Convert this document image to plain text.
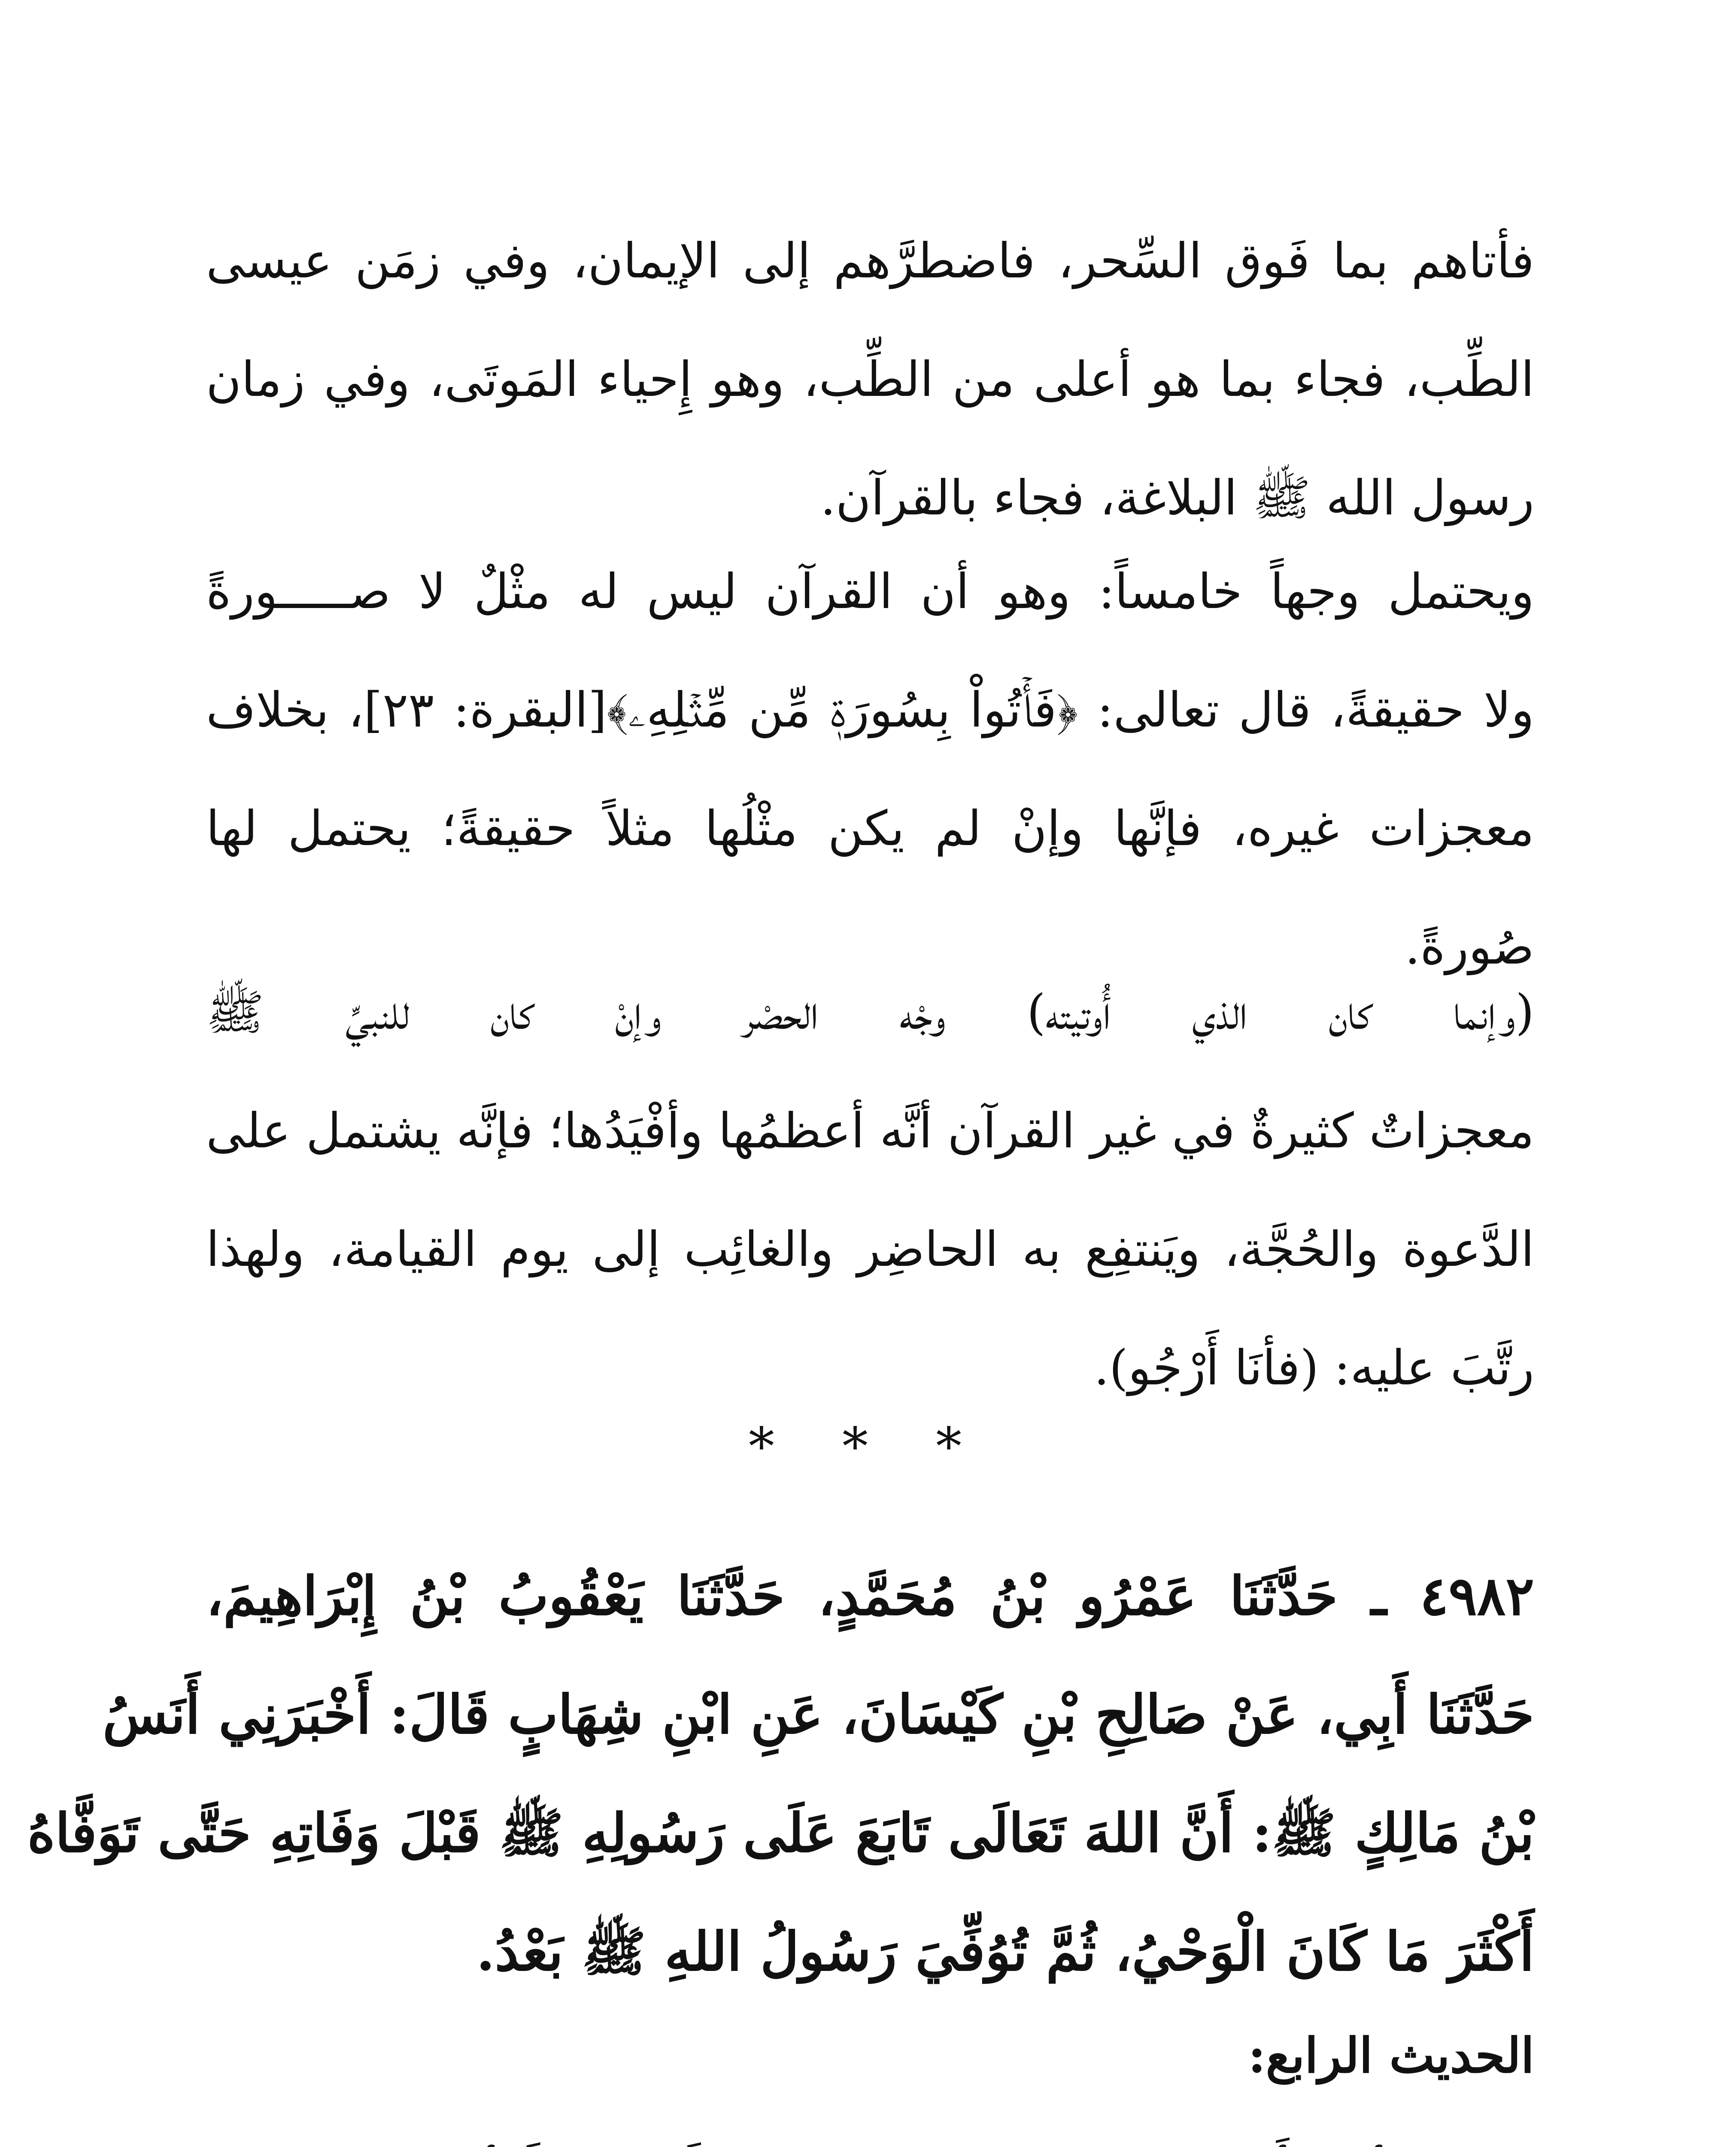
فأتاهم بما فَوق السِّحر، فاضطرَّهم إلى الإيمان، وفي زمَن عيسى
الطِّب، فجاء بما هو أعلى من الطِّب، وهو إِحياء المَوتَى، وفي زمان
رسول الله ﷺ البلاغة، فجاء بالقرآن.
ويحتمل وجهاً خامساً: وهو أن القرآن ليس له مثْلٌ لا صـــــورةً
ولا حقيقةً، قال تعالى: ﴿فَأۡتُواْ بِسُورَةٖ مِّن مِّثۡلِهِۦ﴾[البقرة: ٢٣]، بخلاف
معجزات غيره، فإنَّها وإنْ لم يكن مثْلُها مثلاً حقيقةً؛ يحتمل لها
صُورةً.
(وإنما كان الذي أُوتيته) وجْه الحصْر وإنْ كان للنبيِّ ﷺ
معجزاتٌ كثيرةٌ في غير القرآن أنَّه أعظمُها وأفْيَدُها؛ فإنَّه يشتمل على
الدَّعوة والحُجَّة، ويَنتفِع به الحاضِر والغائِب إلى يوم القيامة، ولهذا
رتَّبَ عليه: (فأنَا أَرْجُو).
* * *
٤٩٨٢ ـ حَدَّثَنَا عَمْرُو بْنُ مُحَمَّدٍ، حَدَّثَنَا يَعْقُوبُ بْنُ إِبْرَاهِيمَ،
حَدَّثَنَا أَبِي، عَنْ صَالِحِ بْنِ كَيْسَانَ، عَنِ ابْنِ شِهَابٍ قَالَ: أَخْبَرَنِي أَنَسُ
بْنُ مَالِكٍ ﷺ: أَنَّ اللهَ تَعَالَى تَابَعَ عَلَى رَسُولِهِ ﷺ قَبْلَ وَفَاتِهِ حَتَّى تَوَفَّاهُ
أَكْثَرَ مَا كَانَ الْوَحْيُ، ثُمَّ تُوُفِّيَ رَسُولُ اللهِ ﷺ بَعْدُ.
الحديث الرابع:
